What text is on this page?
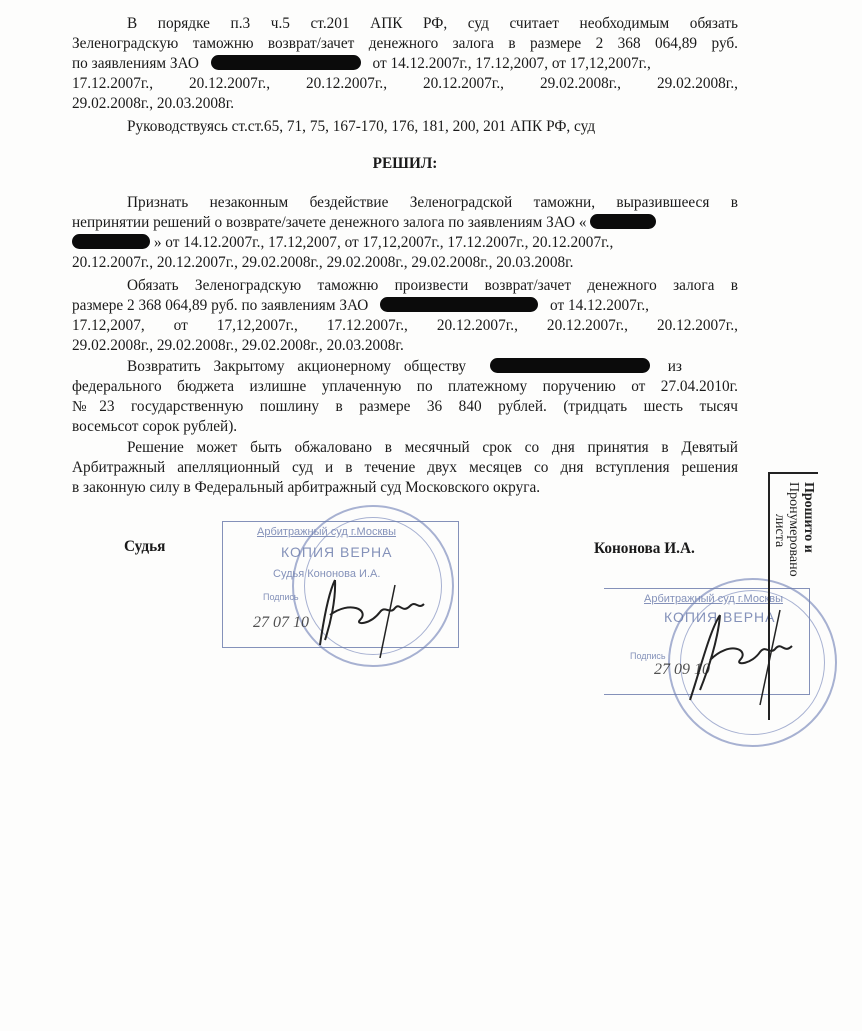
В порядке п.3 ч.5 ст.201 АПК РФ, суд считает необходимым обязать
Зеленоградскую таможню возврат/зачет денежного залога в размере 2 368 064,89 руб.
по заявлениям ЗАО	от 14.12.2007г., 17.12,2007, от 17,12,2007г.,
17.12.2007г., 20.12.2007г., 20.12.2007г., 20.12.2007г., 29.02.2008г., 29.02.2008г.,
29.02.2008г., 20.03.2008г.
Руководствуясь ст.ст.65, 71, 75, 167-170, 176, 181, 200, 201 АПК РФ, суд
РЕШИЛ:
Признать незаконным бездействие Зеленоградской таможни, выразившееся в
непринятии решений о возврате/зачете денежного залога по заявлениям ЗАО «
» от 14.12.2007г., 17.12,2007, от 17,12,2007г., 17.12.2007г., 20.12.2007г.,
20.12.2007г., 20.12.2007г., 29.02.2008г., 29.02.2008г., 29.02.2008г., 20.03.2008г.
Обязать Зеленоградскую таможню произвести возврат/зачет денежного залога в
размере 2 368 064,89 руб. по заявлениям ЗАО	от 14.12.2007г.,
17.12,2007, от 17,12,2007г., 17.12.2007г., 20.12.2007г., 20.12.2007г., 20.12.2007г.,
29.02.2008г., 29.02.2008г., 29.02.2008г., 20.03.2008г.
Возвратить Закрытому акционерному обществу	из
федерального бюджета излишне уплаченную по платежному поручению от 27.04.2010г.
№23 государственную пошлину в размере 36 840 рублей. (тридцать шесть тысяч
восемьсот сорок рублей).
Решение может быть обжаловано в месячный срок со дня принятия в Девятый
Арбитражный апелляционный суд и в течение двух месяцев со дня вступления решения
в законную силу в Федеральный арбитражный суд Московского округа.
Судья	Кононова И.А.
Арбитражный суд г.Москвы
КОПИЯ ВЕРНА
Судья Кононова И.А.
Подпись
27 07 10
Арбитражный суд г.Москвы
КОПИЯ ВЕРНА
Подпись
27 09 10
Прошито и
Пронумеровано
листа
